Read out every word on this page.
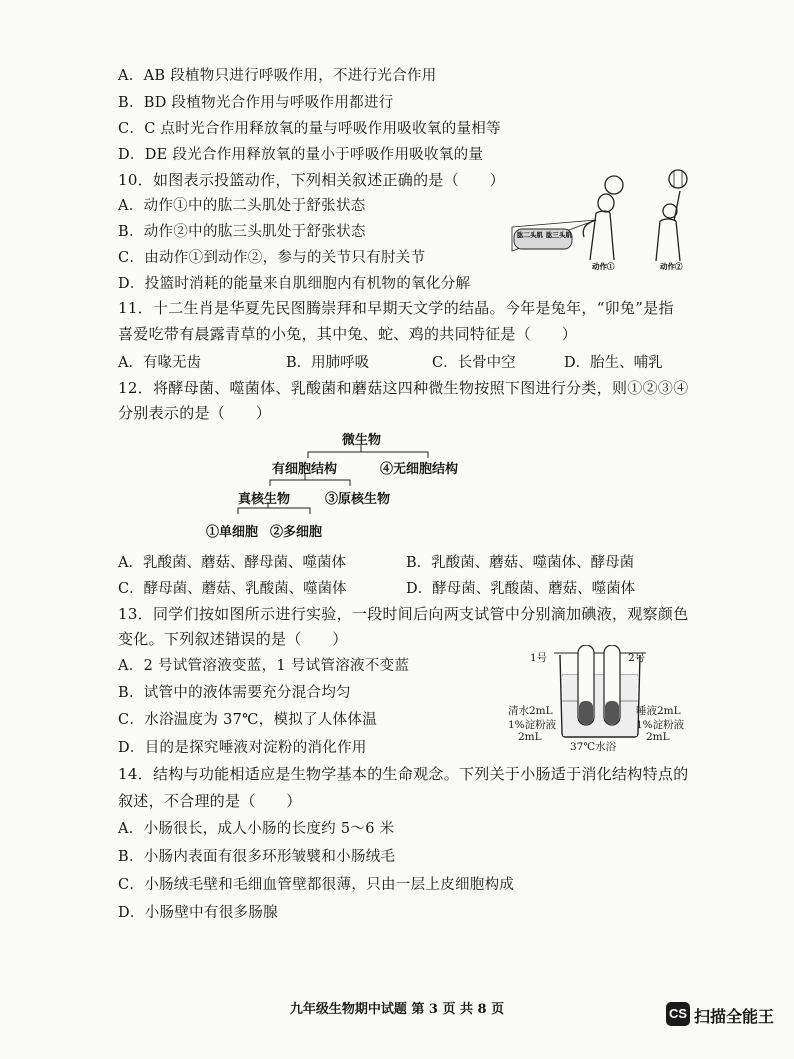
A．AB 段植物只进行呼吸作用，不进行光合作用
B．BD 段植物光合作用与呼吸作用都进行
C．C 点时光合作用释放氧的量与呼吸作用吸收氧的量相等
D．DE 段光合作用释放氧的量小于呼吸作用吸收氧的量
10．如图表示投篮动作，下列相关叙述正确的是（　　）
A．动作①中的肱二头肌处于舒张状态
B．动作②中的肱三头肌处于舒张状态
C．由动作①到动作②，参与的关节只有肘关节
D．投篮时消耗的能量来自肌细胞内有机物的氧化分解
肱二头肌 肱三头肌
动作①	动作②
11．十二生肖是华夏先民图腾崇拜和早期天文学的结晶。今年是兔年，“卯兔”是指
喜爱吃带有晨露青草的小兔，其中兔、蛇、鸡的共同特征是（　　）
A．有喙无齿	B．用肺呼吸	C．长骨中空	D．胎生、哺乳
12．将酵母菌、噬菌体、乳酸菌和蘑菇这四种微生物按照下图进行分类，则①②③④
分别表示的是（　　）
微生物
有细胞结构	④无细胞结构
真核生物	③原核生物
①单细胞 ②多细胞
A．乳酸菌、蘑菇、酵母菌、噬菌体	B．乳酸菌、蘑菇、噬菌体、酵母菌
C．酵母菌、蘑菇、乳酸菌、噬菌体	D．酵母菌、乳酸菌、蘑菇、噬菌体
13．同学们按如图所示进行实验，一段时间后向两支试管中分别滴加碘液，观察颜色
变化。下列叙述错误的是（　　）
A．2 号试管溶液变蓝，1 号试管溶液不变蓝
B．试管中的液体需要充分混合均匀
C．水浴温度为 37℃，模拟了人体体温
D．目的是探究唾液对淀粉的消化作用
1号	2号
清水2mL
1%淀粉液
2mL
唾液2mL
1%淀粉液
2mL
37℃水浴
14．结构与功能相适应是生物学基本的生命观念。下列关于小肠适于消化结构特点的
叙述，不合理的是（　　）
A．小肠很长，成人小肠的长度约 5～6 米
B．小肠内表面有很多环形皱襞和小肠绒毛
C．小肠绒毛壁和毛细血管壁都很薄，只由一层上皮细胞构成
D．小肠壁中有很多肠腺
九年级生物期中试题 第 3 页 共 8 页	CS 扫描全能王
